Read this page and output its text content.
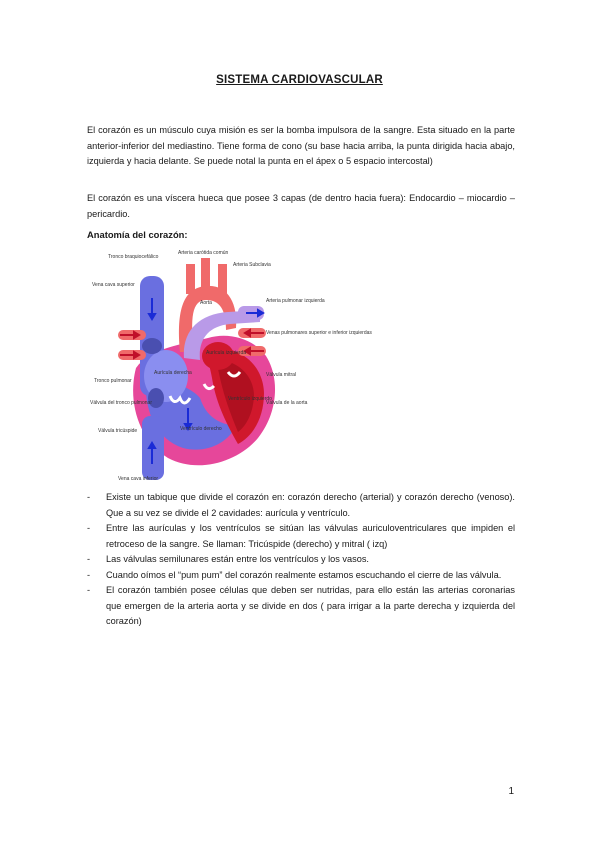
SISTEMA CARDIOVASCULAR

El corazón es un músculo cuya misión es ser la bomba impulsora de la sangre. Esta situado en la parte anterior-inferior del mediastino. Tiene forma de cono (su base hacia arriba, la punta dirigida hacia abajo, izquierda y hacia delante. Se puede notal la punta en el ápex o 5 espacio intercostal)

El corazón es una víscera hueca que posee 3 capas (de dentro hacia fuera): Endocardio – miocardio – pericardio.

Anatomía del corazón:
Tronco braquiocefálico
Arteria carótida común
Arteria Subclavia
Vena cava superior
Aorta	Arteria pulmonar izquierda
Venas pulmonares superior e inferior izquierdas
Aurícula derecha
Aurícula izquierda
Tronco pulmonar
Válvula mitral
Válvula del tronco pulmonar	Válvula de la aorta
Válvula tricúspide
Ventrículo izquierdo
Ventrículo derecho
Vena cava inferior
- Existe un tabique que divide el corazón en: corazón derecho (arterial) y corazón derecho (venoso). Que a su vez se divide el 2 cavidades: aurícula y ventrículo.
- Entre las aurículas y los ventrículos se sitúan las válvulas auriculoventriculares que impiden el retroceso de la sangre. Se llaman: Tricúspide (derecho) y mitral ( izq)
- Las válvulas semilunares están entre los ventrículos y los vasos.
- Cuando oímos el “pum pum” del corazón realmente estamos escuchando el cierre de las válvula.
- El corazón también posee células que deben ser nutridas, para ello están las arterias coronarias que emergen de la arteria aorta y se divide en dos ( para irrigar a la parte derecha y izquierda del corazón)
1
